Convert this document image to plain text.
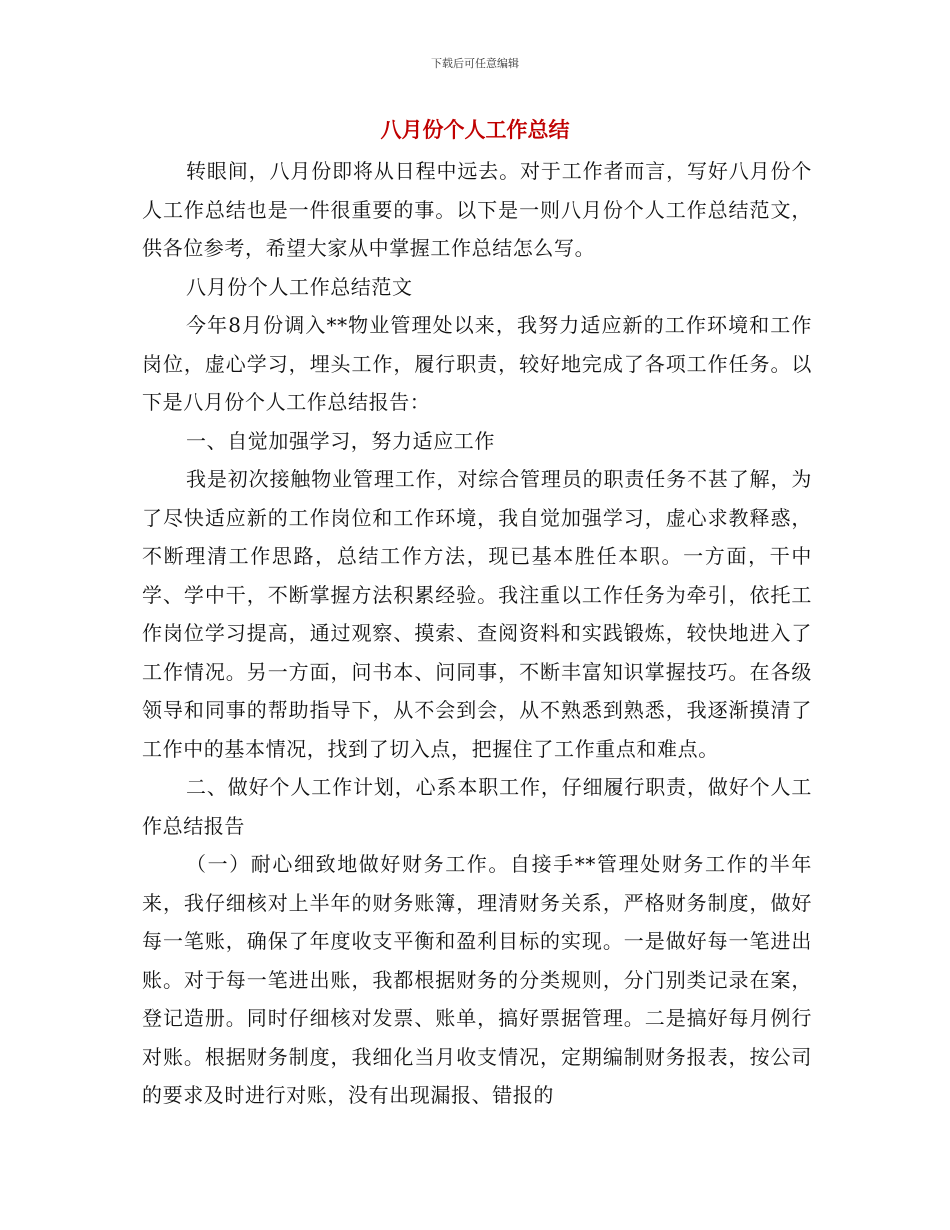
下载后可任意编辑
八月份个人工作总结

转眼间，八月份即将从日程中远去。对于工作者而言，写好八月份个人工作总结也是一件很重要的事。以下是一则八月份个人工作总结范文，供各位参考，希望大家从中掌握工作总结怎么写。

八月份个人工作总结范文

今年8月份调入**物业管理处以来，我努力适应新的工作环境和工作岗位，虚心学习，埋头工作，履行职责，较好地完成了各项工作任务。以下是八月份个人工作总结报告：

一、自觉加强学习，努力适应工作

我是初次接触物业管理工作，对综合管理员的职责任务不甚了解，为了尽快适应新的工作岗位和工作环境，我自觉加强学习，虚心求教释惑，不断理清工作思路，总结工作方法，现已基本胜任本职。一方面，干中学、学中干，不断掌握方法积累经验。我注重以工作任务为牵引，依托工作岗位学习提高，通过观察、摸索、查阅资料和实践锻炼，较快地进入了工作情况。另一方面，问书本、问同事，不断丰富知识掌握技巧。在各级领导和同事的帮助指导下，从不会到会，从不熟悉到熟悉，我逐渐摸清了工作中的基本情况，找到了切入点，把握住了工作重点和难点。

二、做好个人工作计划，心系本职工作，仔细履行职责，做好个人工作总结报告

（一）耐心细致地做好财务工作。自接手**管理处财务工作的半年来，我仔细核对上半年的财务账簿，理清财务关系，严格财务制度，做好每一笔账，确保了年度收支平衡和盈利目标的实现。一是做好每一笔进出账。对于每一笔进出账，我都根据财务的分类规则，分门别类记录在案，登记造册。同时仔细核对发票、账单，搞好票据管理。二是搞好每月例行对账。根据财务制度，我细化当月收支情况，定期编制财务报表，按公司的要求及时进行对账，没有出现漏报、错报的
